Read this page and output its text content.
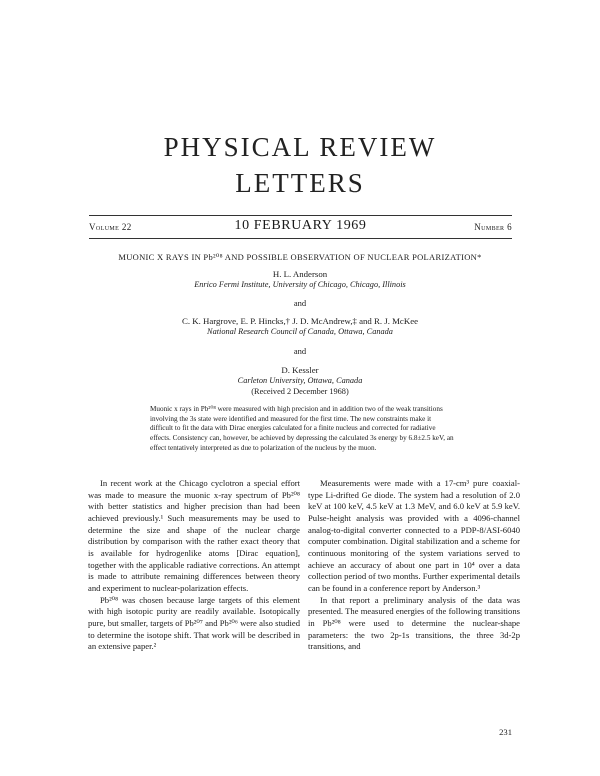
PHYSICAL REVIEW
LETTERS
Volume 22	10 FEBRUARY 1969	Number 6
MUONIC X RAYS IN Pb²⁰⁸ AND POSSIBLE OBSERVATION OF NUCLEAR POLARIZATION*
H. L. Anderson
Enrico Fermi Institute, University of Chicago, Chicago, Illinois
and
C. K. Hargrove, E. P. Hincks,† J. D. McAndrew,‡ and R. J. McKee
National Research Council of Canada, Ottawa, Canada
and
D. Kessler
Carleton University, Ottawa, Canada
(Received 2 December 1968)
Muonic x rays in Pb²⁰⁸ were measured with high precision and in addition two of the weak transitions involving the 3s state were identified and measured for the first time. The new constraints make it difficult to fit the data with Dirac energies calculated for a finite nucleus and corrected for radiative effects. Consistency can, however, be achieved by depressing the calculated 3s energy by 6.8±2.5 keV, an effect tentatively interpreted as due to polarization of the nucleus by the muon.

In recent work at the Chicago cyclotron a special effort was made to measure the muonic x-ray spectrum of Pb²⁰⁸ with better statistics and higher precision than had been achieved previously.¹ Such measurements may be used to determine the size and shape of the nuclear charge distribution by comparison with the rather exact theory that is available for hydrogenlike atoms [Dirac equation], together with the applicable radiative corrections. An attempt is made to attribute remaining differences between theory and experiment to nuclear-polarization effects.

Pb²⁰⁸ was chosen because large targets of this element with high isotopic purity are readily available. Isotopically pure, but smaller, targets of Pb²⁰⁷ and Pb²⁰⁶ were also studied to determine the isotope shift. That work will be described in an extensive paper.²

Measurements were made with a 17-cm³ pure coaxial-type Li-drifted Ge diode. The system had a resolution of 2.0 keV at 100 keV, 4.5 keV at 1.3 MeV, and 6.0 keV at 5.9 keV. Pulse-height analysis was provided with a 4096-channel analog-to-digital converter connected to a PDP-8/ASI-6040 computer combination. Digital stabilization and a scheme for continuous monitoring of the system variations served to achieve an accuracy of about one part in 10⁴ over a data collection period of two months. Further experimental details can be found in a conference report by Anderson.³

In that report a preliminary analysis of the data was presented. The measured energies of the following transitions in Pb²⁰⁸ were used to determine the nuclear-shape parameters: the two 2p-1s transitions, the three 3d-2p transitions, and

231
